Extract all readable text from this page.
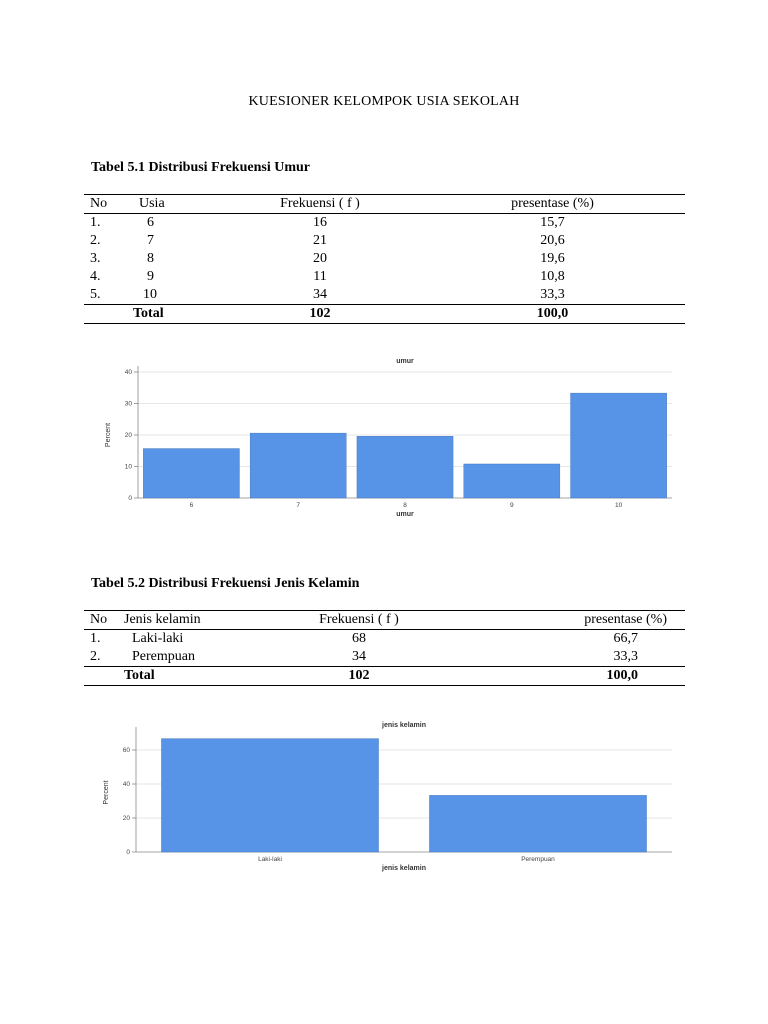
KUESIONER KELOMPOK USIA SEKOLAH
Tabel 5.1 Distribusi Frekuensi Umur
No	Usia	Frekuensi ( f )	presentase (%)
1.	6	16	15,7
2.	7	21	20,6
3.	8	20	19,6
4.	9	11	10,8
5.	10	34	33,3
	Total	102	100,0
umur
0
10
20
30
40
6	7	8	9	10
umur
Percent
Tabel 5.2 Distribusi Frekuensi Jenis Kelamin
No	Jenis kelamin	Frekuensi ( f )	presentase (%)
1.	Laki-laki	68	66,7
2.	Perempuan	34	33,3
	Total	102	100,0
jenis kelamin
0
20
40
60
Laki-laki	Perempuan
jenis kelamin
Percent
